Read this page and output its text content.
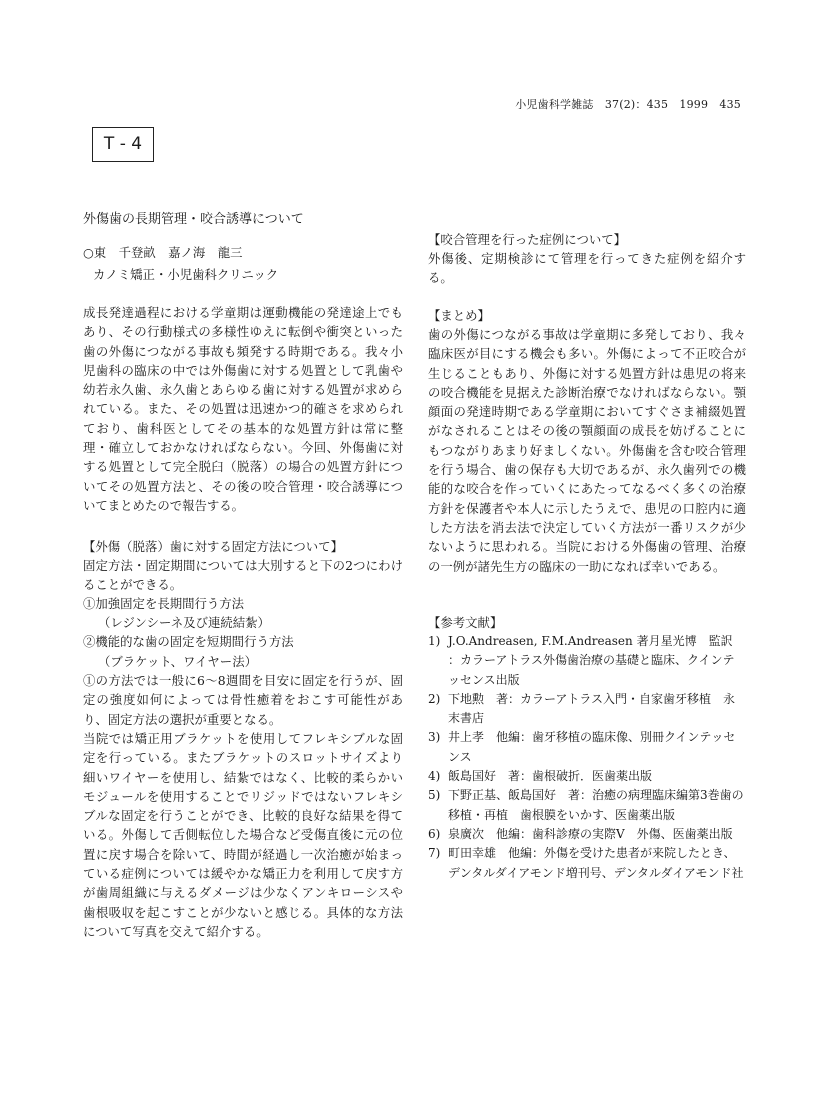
小児歯科学雑誌　37(2)：435　1999　435
T - 4
外傷歯の長期管理・咬合誘導について
○東　千登畝　嘉ノ海　龍三
カノミ矯正・小児歯科クリニック
成長発達過程における学童期は運動機能の発達途上でもあり、その行動様式の多様性ゆえに転倒や衝突といった歯の外傷につながる事故も頻発する時期である。我々小児歯科の臨床の中では外傷歯に対する処置として乳歯や幼若永久歯、永久歯とあらゆる歯に対する処置が求められている。また、その処置は迅速かつ的確さを求められており、歯科医としてその基本的な処置方針は常に整理・確立しておかなければならない。今回、外傷歯に対する処置として完全脱臼（脱落）の場合の処置方針についてその処置方法と、その後の咬合管理・咬合誘導についてまとめたので報告する。
【外傷（脱落）歯に対する固定方法について】
固定方法・固定期間については大別すると下の2つにわけることができる。
①加強固定を長期間行う方法
（レジンシーネ及び連続結紮）
②機能的な歯の固定を短期間行う方法
（ブラケット、ワイヤー法）
①の方法では一般に6〜8週間を目安に固定を行うが、固定の強度如何によっては骨性癒着をおこす可能性があり、固定方法の選択が重要となる。
当院では矯正用ブラケットを使用してフレキシブルな固定を行っている。またブラケットのスロットサイズより細いワイヤーを使用し、結紮ではなく、比較的柔らかいモジュールを使用することでリジッドではないフレキシブルな固定を行うことができ、比較的良好な結果を得ている。外傷して舌側転位した場合など受傷直後に元の位置に戻す場合を除いて、時間が経過し一次治癒が始まっている症例については緩やかな矯正力を利用して戻す方が歯周組織に与えるダメージは少なくアンキローシスや歯根吸収を起こすことが少ないと感じる。具体的な方法について写真を交えて紹介する。
【咬合管理を行った症例について】
外傷後、定期検診にて管理を行ってきた症例を紹介する。
【まとめ】
歯の外傷につながる事故は学童期に多発しており、我々臨床医が目にする機会も多い。外傷によって不正咬合が生じることもあり、外傷に対する処置方針は患児の将来の咬合機能を見据えた診断治療でなければならない。顎顔面の発達時期である学童期においてすぐさま補綴処置がなされることはその後の顎顔面の成長を妨げることにもつながりあまり好ましくない。外傷歯を含む咬合管理を行う場合、歯の保存も大切であるが、永久歯列での機能的な咬合を作っていくにあたってなるべく多くの治療方針を保護者や本人に示したうえで、患児の口腔内に適した方法を消去法で決定していく方法が一番リスクが少ないように思われる。当院における外傷歯の管理、治療の一例が諸先生方の臨床の一助になれば幸いである。
【参考文献】
1) J.O.Andreasen, F.M.Andreasen 著月星光博　監訳
：カラーアトラス外傷歯治療の基礎と臨床、クインテッセンス出版
2) 下地勲　著：カラーアトラス入門・自家歯牙移植　永末書店
3) 井上孝　他編：歯牙移植の臨床像、別冊クインテッセンス
4) 飯島国好　著：歯根破折．医歯薬出版
5) 下野正基、飯島国好　著：治癒の病理臨床編第3巻歯の移植・再植　歯根膜をいかす、医歯薬出版
6) 泉廣次　他編：歯科診療の実際Ⅴ　外傷、医歯薬出版
7) 町田幸雄　他編：外傷を受けた患者が来院したとき、デンタルダイアモンド増刊号、デンタルダイアモンド社
